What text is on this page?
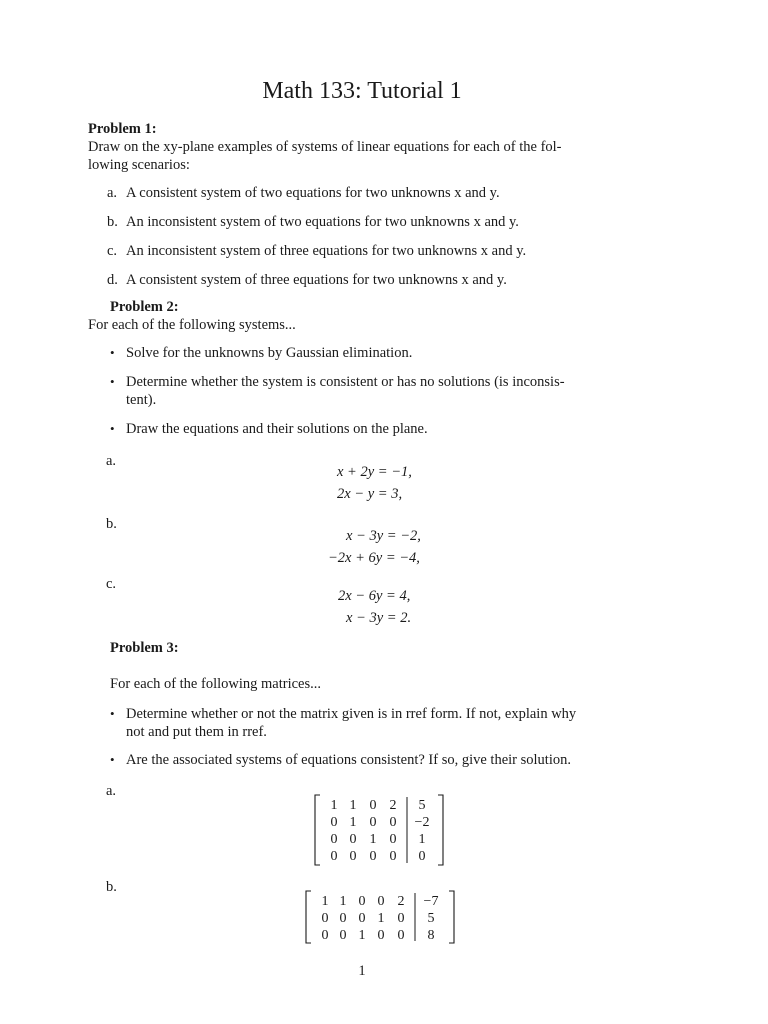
Math 133: Tutorial 1
Problem 1:
Draw on the xy-plane examples of systems of linear equations for each of the fol-
lowing scenarios:
a. A consistent system of two equations for two unknowns x and y.
b. An inconsistent system of two equations for two unknowns x and y.
c. An inconsistent system of three equations for two unknowns x and y.
d. A consistent system of three equations for two unknowns x and y.
Problem 2:
For each of the following systems...
• Solve for the unknowns by Gaussian elimination.
• Determine whether the system is consistent or has no solutions (is inconsis-
tent).
• Draw the equations and their solutions on the plane.
a.
x + 2y = −1,
2x − y = 3,
b.
x − 3y = −2,
−2x + 6y = −4,
c.
2x − 6y = 4,
x − 3y = 2.
Problem 3:
For each of the following matrices...
• Determine whether or not the matrix given is in rref form. If not, explain why
not and put them in rref.
• Are the associated systems of equations consistent? If so, give their solution.
a.
1 1 0 2 5
0 1 0 0 −2
0 0 1 0 1
0 0 0 0 0
b.
1 1 0 0 2 −7
0 0 0 1 0 5
0 0 1 0 0 8
1
